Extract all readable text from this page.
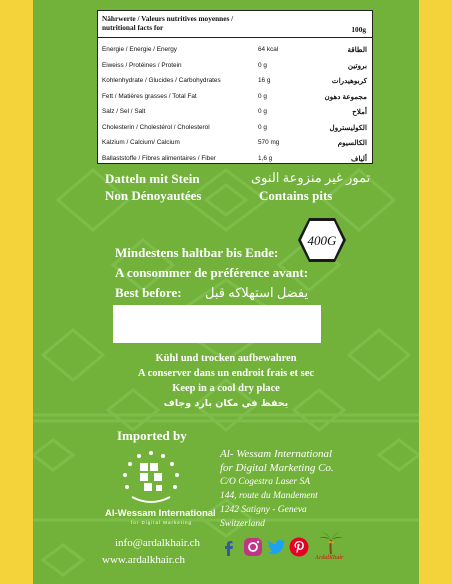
Nährwerte / Valeurs nutritives moyennes /
nutritional facts for	100g
Energie / Energie / Energy	64 kcal	الطاقة
Eiweiss / Protéines / Protein	0 g	بروتين
Kohlenhydrate / Glucides / Carbohydrates	16 g	كربوهيدرات
Fett / Matières grasses / Total Fat	0 g	مجموعة دهون
Salz / Sel / Salt	0 g	أملاح
Cholesterin / Cholestérol / Cholesterol	0 g	الكوليسترول
Kalzium / Calcium/ Calcium	570 mg	الكالسيوم
Ballaststoffe / Fibres alimentaires / Fiber	1,6 g	ألياف
Datteln mit Stein	تمور غير منزوعة النوى
Non Dénoyautées	Contains pits
400G
Mindestens haltbar bis Ende:
A consommer de préférence avant:
Best before: يفضل استهلاكه قبل
Kühl und trocken aufbewahren
A conserver dans un endroit frais et sec
Keep in a cool dry place
يحفظ في مكان بارد وجاف
Imported by
Al-Wessam International
for Digital Marketing
Al- Wessam International
for Digital Marketing Co.
C/O Cogestra Laser SA
144, route du Mandement
1242 Satigny - Geneva
Switzerland
info@ardalkhair.ch
www.ardalkhair.ch	ArdalKhair
